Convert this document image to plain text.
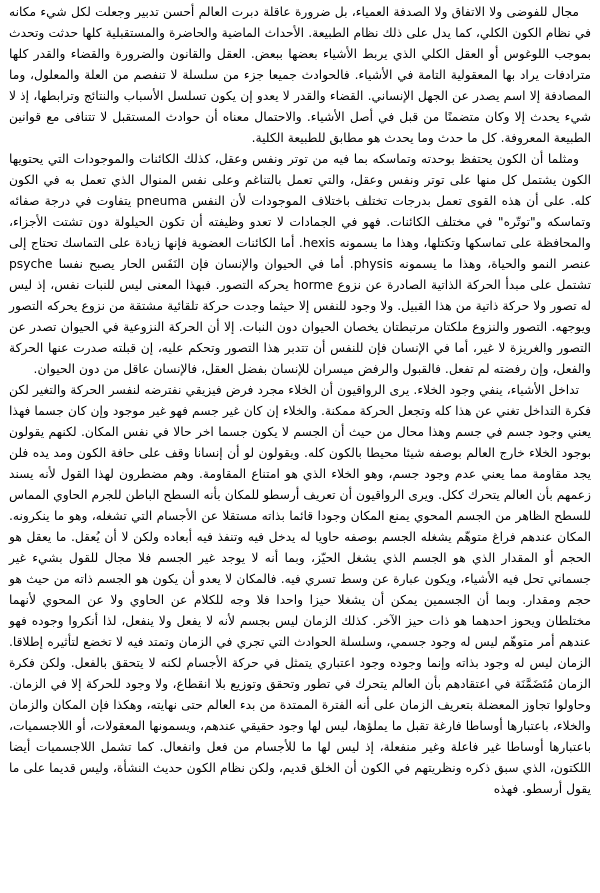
مجال للفوضى ولا الاتفاق ولا الصدفة العمياء، بل ضرورة عاقلة دبرت العالم أحسن تدبير وجعلت لكل شيء مكانه في نظام الكون الكلي، كما يدل على ذلك نظام الطبيعة. الأحداث الماضية والحاضرة والمستقبلية كلها حدثت وتحدث بموجب اللوغوس أو العقل الكلي الذي يربط الأشياء بعضها ببعض. العقل والقانون والضرورة والقضاء والقدر كلها مترادفات يراد بها المعقولية التامة في الأشياء. فالحوادث جميعا جزء من سلسلة لا تنفصم من العلة والمعلول، وما المصادفة إلا اسم يصدر عن الجهل الإنساني. القضاء والقدر لا يعدو إن يكون تسلسل الأسباب والنتائج وترابطها، إذ لا شيء يحدث إلا وكان متضمنًا من قبل في أصل الأشياء. والاحتمال معناه أن حوادث المستقبل لا تتنافى مع قوانين الطبيعة المعروفة. كل ما حدث وما يحدث هو مطابق للطبيعة الكلية.

ومثلما أن الكون يحتفظ بوحدته وتماسكه بما فيه من توتر ونفس وعقل، كذلك الكائنات والموجودات التي يحتويها الكون يشتمل كل منها على توتر ونفس وعقل، والتي تعمل بالتناغم وعلى نفس المنوال الذي تعمل به في الكون كله. على أن هذه القوى تعمل بدرجات تختلف باختلاف الموجودات لأن النفس pneuma يتفاوت في درجة صفائه وتماسكه و"توتّره" في مختلف الكائنات. فهو في الجمادات لا تعدو وظيفته أن تكون الحيلولة دون تشتت الأجزاء، والمحافظة على تماسكها وتكتلها، وهذا ما يسمونه hexis. أما الكائنات العضوية فإنها زيادة على التماسك تحتاج إلى عنصر النمو والحياة، وهذا ما يسمونه physis. أما في الحيوان والإنسان فإن النَفَس الحار يصبح نفسا psyche تشتمل على مبدأ الحركة الذاتية الصادرة عن نزوع horme يحركه التصور. فبهذا المعنى ليس للنبات نفس، إذ ليس له تصور ولا حركة ذاتية من هذا القبيل. ولا وجود للنفس إلا حيثما وجدت حركة تلقائية مشتقة من نزوع يحركه التصور ويوجهه. التصور والنزوع ملكتان مرتبطتان يخصان الحيوان دون النبات. إلا أن الحركة النزوعية في الحيوان تصدر عن التصور والغريزة لا غير، أما في الإنسان فإن للنفس أن تتدبر هذا التصور وتحكم عليه، إن قبلته صدرت عنها الحركة والفعل، وإن رفضته لم تفعل. فالقبول والرفض ميسران للإنسان بفضل العقل، فالإنسان عاقل من دون الحيوان.

تداخل الأشياء، ينفي وجود الخلاء. يرى الرواقيون أن الخلاء مجرد فرض فيزيقي نفترضه لنفسر الحركة والتغير لكن فكرة التداخل تغني عن هذا كله وتجعل الحركة ممكنة. والخلاء إن كان غير جسم فهو غير موجود وإن كان جسما فهذا يعني وجود جسم في جسم وهذا محال من حيث أن الجسم لا يكون جسما اخر حالا في نفس المكان. لكنهم يقولون بوجود الخلاء خارج العالم بوصفه شيئا محيطا بالكون كله. ويقولون لو أن إنسانا وقف على حافة الكون ومد يده فلن يجد مقاومة مما يعني عدم وجود جسم، وهو الخلاء الذي هو امتناع المقاومة. وهم مضطرون لهذا القول لأنه يسند زعمهم بأن العالم يتحرك ككل. ويرى الرواقيون أن تعريف أرسطو للمكان بأنه السطح الباطن للجرم الحاوي المماس للسطح الظاهر من الجسم المحوي يمنع المكان وجودا قائما بذاته مستقلا عن الأجسام التي تشغله، وهو ما ينكرونه. المكان عندهم فراغ متوهّم يشغله الجسم بوصفه حاويا له يدخل فيه وتنفذ فيه أبعاده ولكن لا أن يُعقل. ما يعقل هو الحجم أو المقدار الذي هو الجسم الذي يشغل الحيّز، وبما أنه لا يوجد غير الجسم فلا مجال للقول بشيء غير جسماني تحل فيه الأشياء، ويكون عبارة عن وسط تسري فيه. فالمكان لا يعدو أن يكون هو الجسم ذاته من حيث هو حجم ومقدار. وبما أن الجسمين يمكن أن يشغلا حيزا واحدا فلا وجه للكلام عن الحاوي ولا عن المحوي لأنهما مختلطان ويحوز احدهما هو ذات حيز الآخر. كذلك الزمان ليس بجسم لأنه لا يفعل ولا ينفعل، لذا أنكروا وجوده فهو عندهم أمر متوهّم ليس له وجود جسمي، وسلسلة الحوادث التي تجري في الزمان وتمتد فيه لا تخضع لتأثيره إطلاقا. الزمان ليس له وجود بذاته وإنما وجوده وجود اعتباري يتمثل في حركة الأجسام لكنه لا يتحقق بالفعل. ولكن فكرة الزمان مُتَضَمَّنَة في اعتقادهم بأن العالم يتحرك في تطور وتحقق وتوزيع بلا انقطاع، ولا وجود للحركة إلا في الزمان. وحاولوا تجاوز المعضلة بتعريف الزمان على أنه الفترة الممتدة من بدء العالم حتى نهايته، وهكذا فإن المكان والزمان والخلاء، باعتبارها أوساطا فارغة تقبل ما يملؤها، ليس لها وجود حقيقي عندهم، ويسمونها المعقولات، أو اللاجسميات، باعتبارها أوساطا غير فاعلة وغير منفعلة، إذ ليس لها ما للأجسام من فعل وانفعال. كما تشمل اللاجسميات أيضا اللكتون، الذي سبق ذكره ونظريتهم في الكون أن الخلق قديم، ولكن نظام الكون حديث النشأة، وليس قديما على ما يقول أرسطو. فهذه
